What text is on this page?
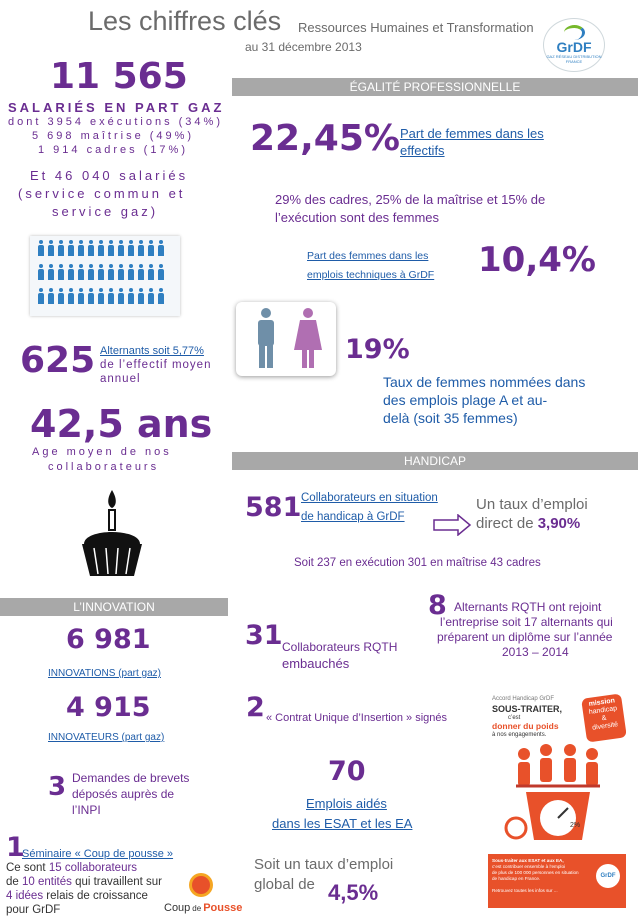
Les chiffres clés Ressources Humaines et Transformation
au 31 décembre 2013	GrDF
GAZ RÉSEAU DISTRIBUTION FRANCE
11 565
SALARIÉS EN PART GAZ
dont 3954 exécutions (34%)
5 698 maîtrise (49%)
1 914 cadres (17%)
Et 46 040 salariés
(service commun et
service gaz)
625 Alternants soit 5,77%
de l’effectif moyen
annuel
42,5 ans
Age moyen de nos
collaborateurs
L’INNOVATION
6 981
INNOVATIONS (part gaz)
4 915
INNOVATEURS (part gaz)
3 Demandes de brevets
déposés auprès de
l’INPI
1
Séminaire « Coup de pousse »
Ce sont 15 collaborateurs
de 10 entités qui travaillent sur
4 idées relais de croissance
pour GrDF	Coup de Pousse
ÉGALITÉ PROFESSIONNELLE
22,45% Part de femmes dans les
effectifs
29% des cadres, 25% de la maîtrise et 15% de
l’exécution sont des femmes
Part des femmes dans les
emplois techniques à GrDF 10,4%
19%
Taux de femmes nommées dans
des emplois plage A et au-
delà (soit 35 femmes)
HANDICAP
581 Collaborateurs en situation
de handicap à GrDF
Un taux d’emploi
direct de 3,90%
Soit 237 en exécution 301 en maîtrise 43 cadres
8 Alternants RQTH ont rejoint
l’entreprise soit 17 alternants qui
préparent un diplôme sur l’année
2013 – 2014
31 Collaborateurs RQTH
embauchés
2 « Contrat Unique d’Insertion » signés
70
Emplois aidés
dans les ESAT et les EA
Soit un taux d’emploi
global de 4,5%
Accord Handicap GrDF
SOUS-TRAITER,
c’est
donner du poids
à nos engagements.
mission
handicap
&
diversité
2%
Sous-traiter aux ESAT et aux EA,
c’est contribuer ensemble à l’emploi
de plus de 100 000 personnes en situation
de handicap en France.
Retrouvez toutes les infos sur ...
GrDF
